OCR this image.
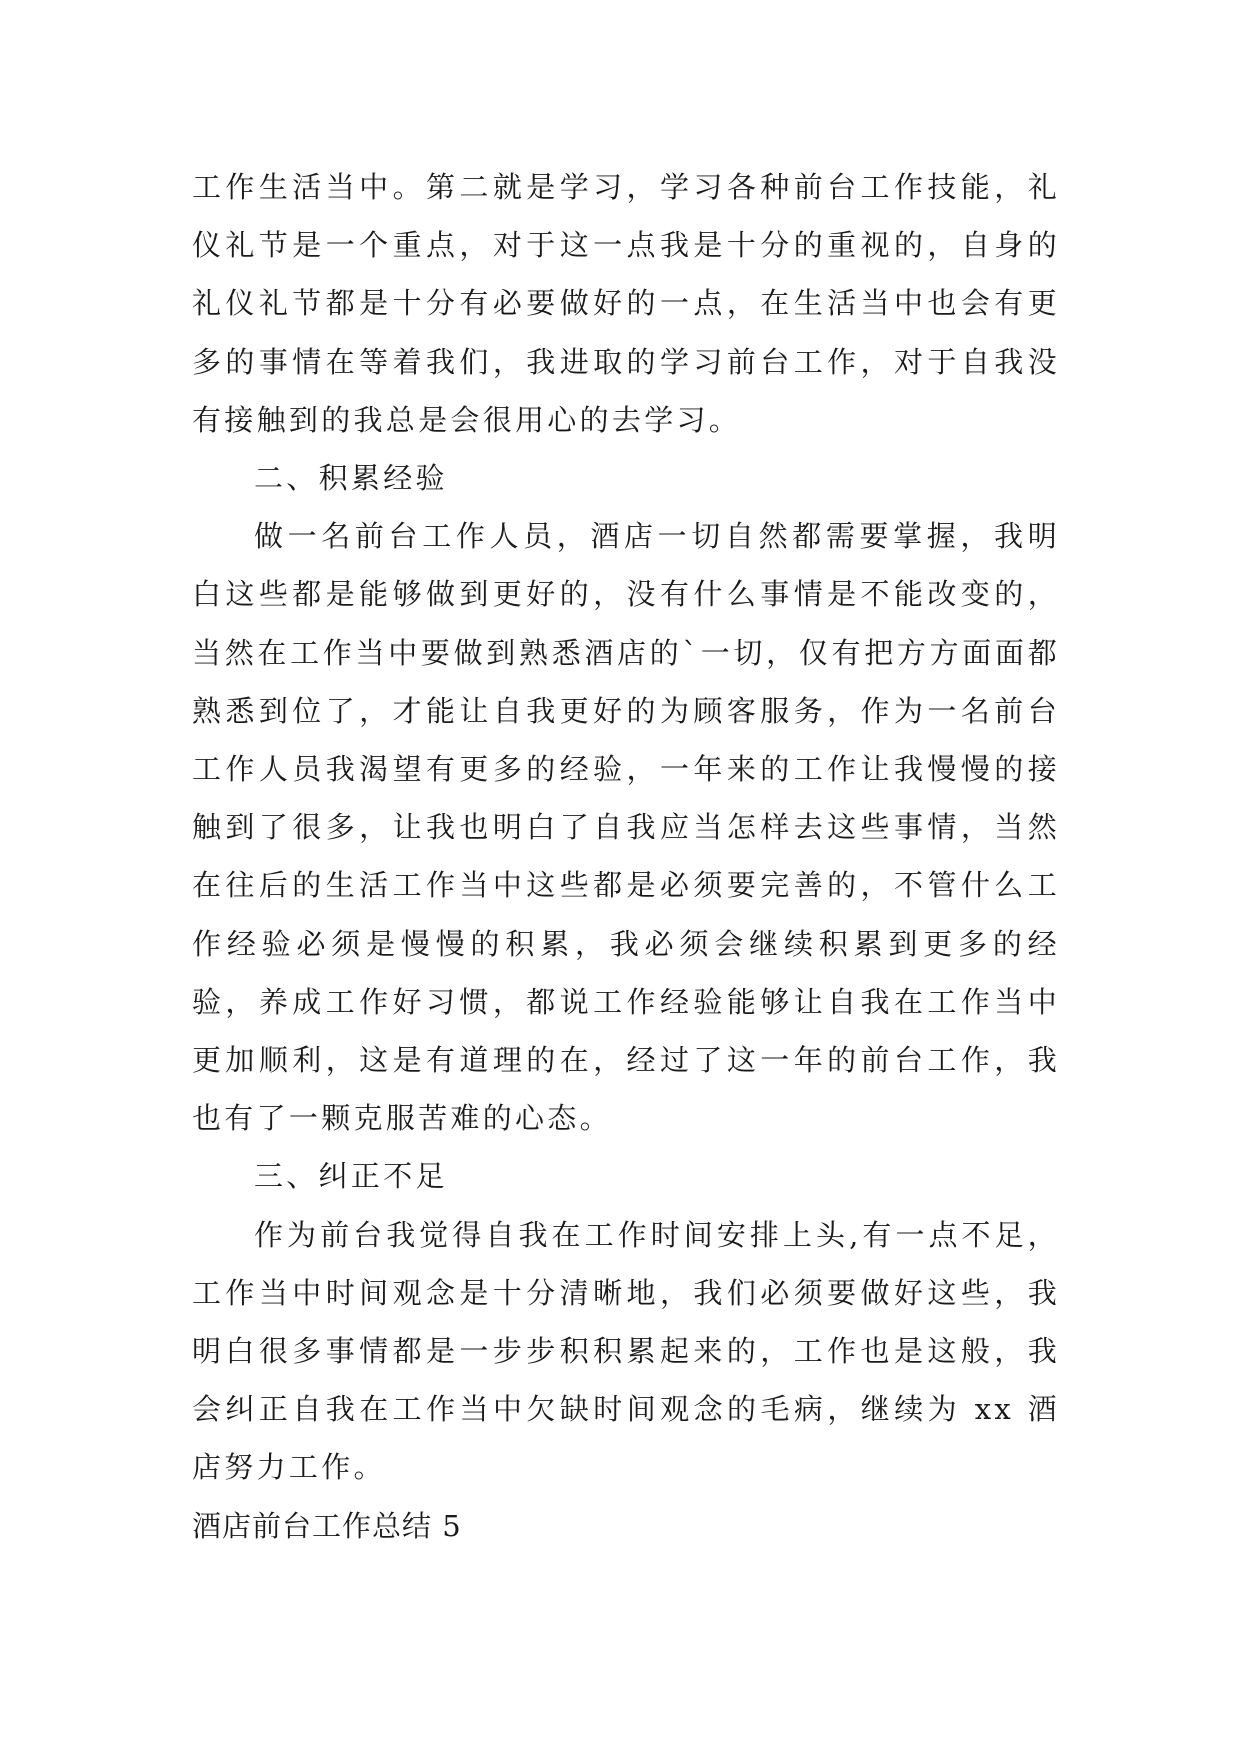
工作生活当中。第二就是学习，学习各种前台工作技能，礼仪礼节是一个重点，对于这一点我是十分的重视的，自身的礼仪礼节都是十分有必要做好的一点，在生活当中也会有更多的事情在等着我们，我进取的学习前台工作，对于自我没有接触到的我总是会很用心的去学习。

二、积累经验

做一名前台工作人员，酒店一切自然都需要掌握，我明白这些都是能够做到更好的，没有什么事情是不能改变的，当然在工作当中要做到熟悉酒店的`一切，仅有把方方面面都熟悉到位了，才能让自我更好的为顾客服务，作为一名前台工作人员我渴望有更多的经验，一年来的工作让我慢慢的接触到了很多，让我也明白了自我应当怎样去这些事情，当然在往后的生活工作当中这些都是必须要完善的，不管什么工作经验必须是慢慢的积累，我必须会继续积累到更多的经验，养成工作好习惯，都说工作经验能够让自我在工作当中更加顺利，这是有道理的在，经过了这一年的前台工作，我也有了一颗克服苦难的心态。

三、纠正不足

作为前台我觉得自我在工作时间安排上头,有一点不足，工作当中时间观念是十分清晰地，我们必须要做好这些，我明白很多事情都是一步步积积累起来的，工作也是这般，我会纠正自我在工作当中欠缺时间观念的毛病，继续为 xx 酒店努力工作。

酒店前台工作总结 5
